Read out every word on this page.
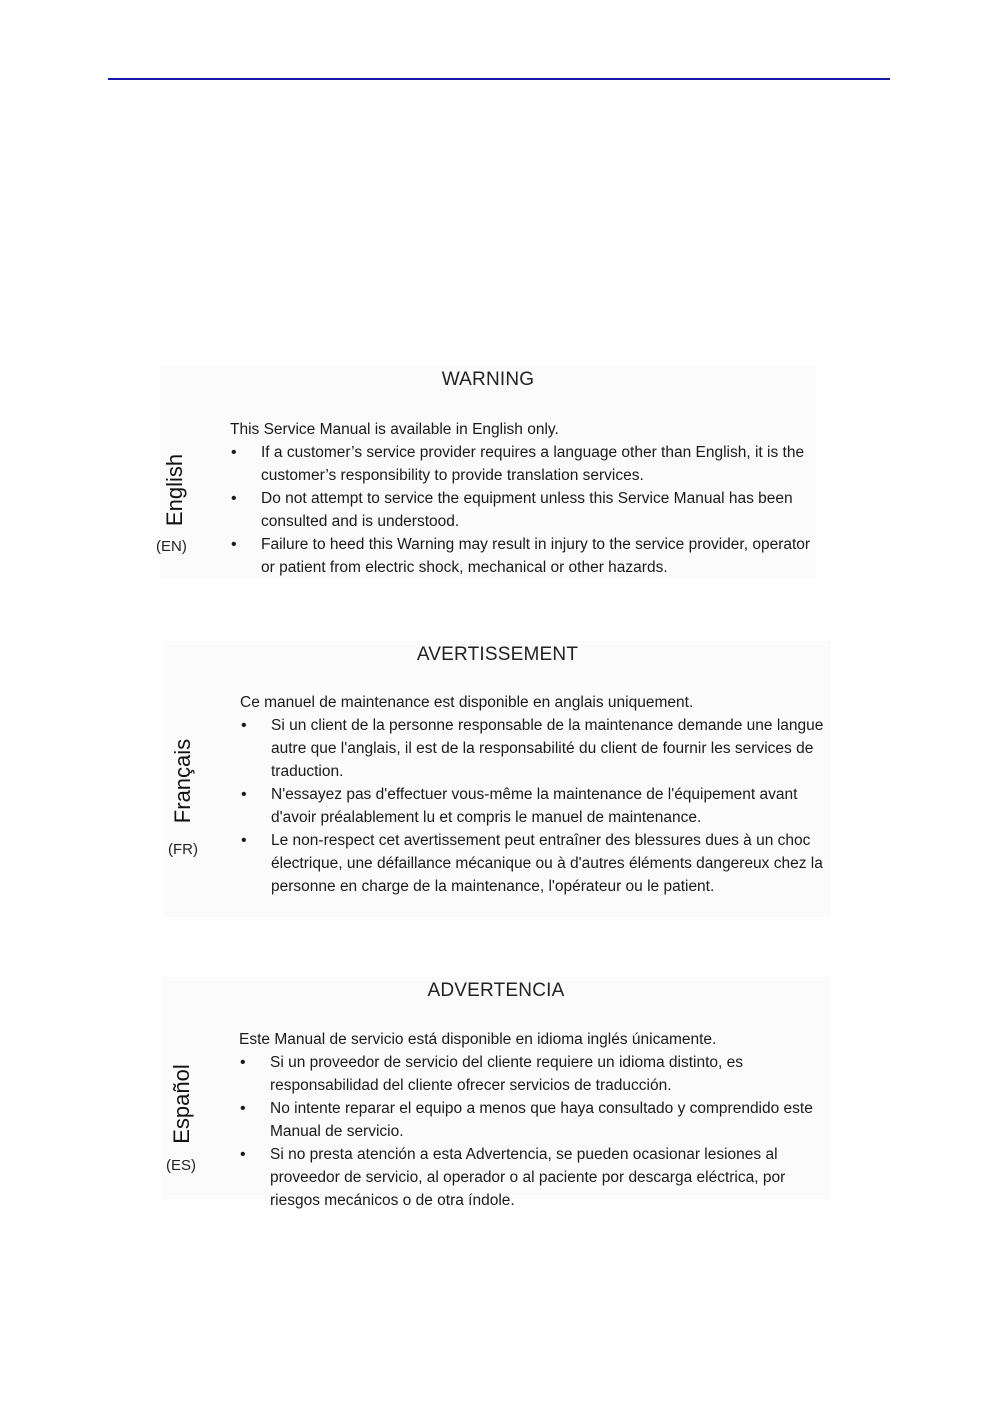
WARNING
English
(EN)

This Service Manual is available in English only.

• If a customer’s service provider requires a language other than English, it is the customer’s responsibility to provide translation services.
• Do not attempt to service the equipment unless this Service Manual has been consulted and is understood.
• Failure to heed this Warning may result in injury to the service provider, operator or patient from electric shock, mechanical or other hazards.
AVERTISSEMENT
Français
(FR)

Ce manuel de maintenance est disponible en anglais uniquement.

• Si un client de la personne responsable de la maintenance demande une langue autre que l'anglais, il est de la responsabilité du client de fournir les services de traduction.
• N'essayez pas d'effectuer vous-même la maintenance de l'équipement avant d'avoir préalablement lu et compris le manuel de maintenance.
• Le non-respect cet avertissement peut entraîner des blessures dues à un choc électrique, une défaillance mécanique ou à d'autres éléments dangereux chez la personne en charge de la maintenance, l'opérateur ou le patient.
ADVERTENCIA
Español
(ES)

Este Manual de servicio está disponible en idioma inglés únicamente.

• Si un proveedor de servicio del cliente requiere un idioma distinto, es responsabilidad del cliente ofrecer servicios de traducción.
• No intente reparar el equipo a menos que haya consultado y comprendido este Manual de servicio.
• Si no presta atención a esta Advertencia, se pueden ocasionar lesiones al proveedor de servicio, al operador o al paciente por descarga eléctrica, por riesgos mecánicos o de otra índole.
